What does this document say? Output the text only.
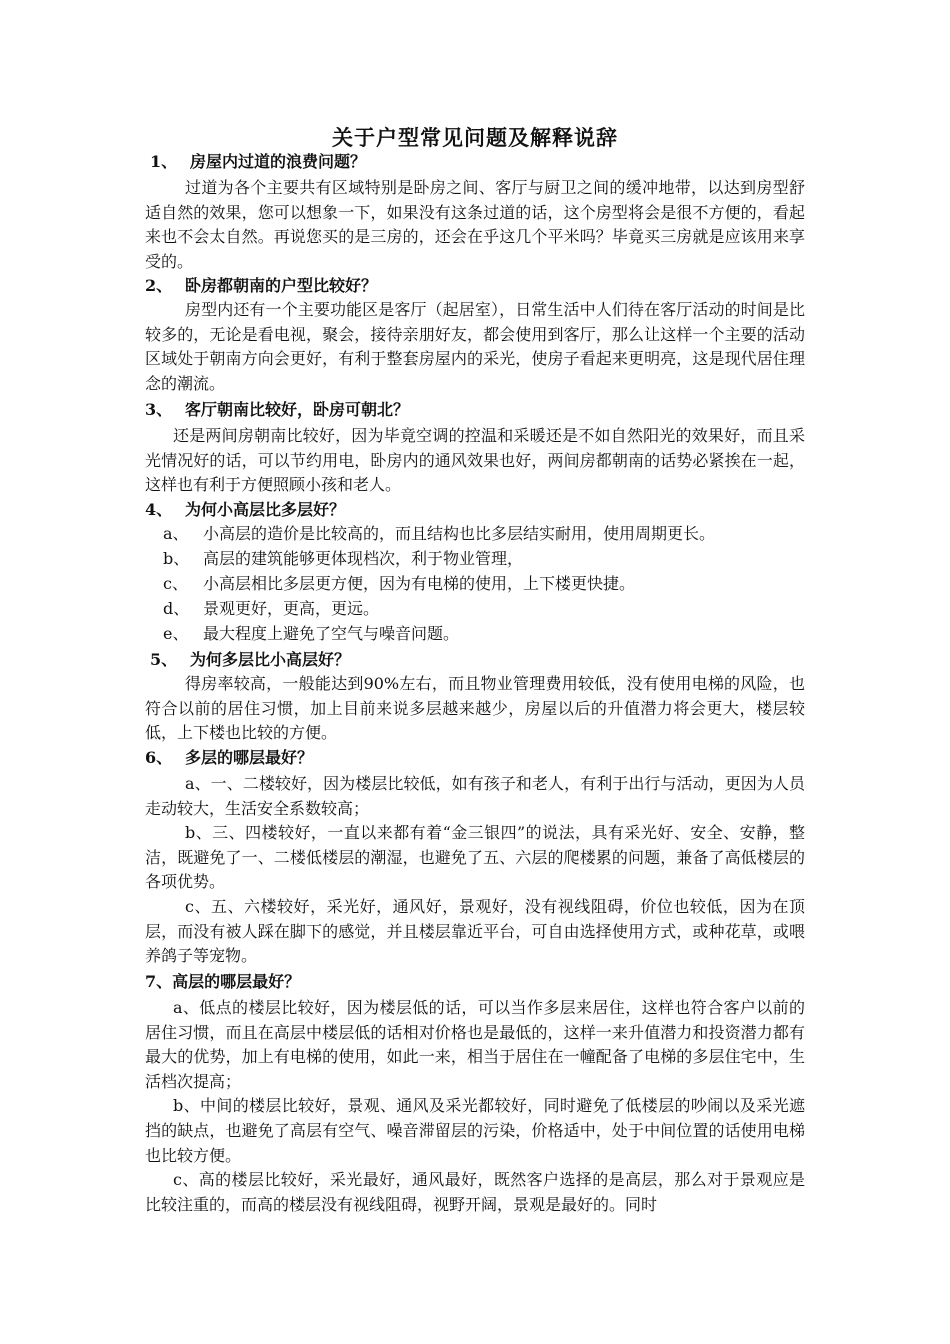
关于户型常见问题及解释说辞
1、 房屋内过道的浪费问题？

过道为各个主要共有区域特别是卧房之间、客厅与厨卫之间的缓冲地带，以达到房型舒适自然的效果，您可以想象一下，如果没有这条过道的话，这个房型将会是很不方便的，看起来也不会太自然。再说您买的是三房的，还会在乎这几个平米吗？毕竟买三房就是应该用来享受的。

2、 卧房都朝南的户型比较好？

房型内还有一个主要功能区是客厅（起居室），日常生活中人们待在客厅活动的时间是比较多的，无论是看电视，聚会，接待亲朋好友，都会使用到客厅，那么让这样一个主要的活动区域处于朝南方向会更好，有利于整套房屋内的采光，使房子看起来更明亮，这是现代居住理念的潮流。

3、 客厅朝南比较好，卧房可朝北？

还是两间房朝南比较好，因为毕竟空调的控温和采暖还是不如自然阳光的效果好，而且采光情况好的话，可以节约用电，卧房内的通风效果也好，两间房都朝南的话势必紧挨在一起，这样也有利于方便照顾小孩和老人。

4、 为何小高层比多层好？
a、 小高层的造价是比较高的，而且结构也比多层结实耐用，使用周期更长。
b、 高层的建筑能够更体现档次，利于物业管理，
c、 小高层相比多层更方便，因为有电梯的使用，上下楼更快捷。
d、 景观更好，更高，更远。
e、 最大程度上避免了空气与噪音问题。
5、 为何多层比小高层好？

得房率较高，一般能达到90%左右，而且物业管理费用较低，没有使用电梯的风险，也符合以前的居住习惯，加上目前来说多层越来越少，房屋以后的升值潜力将会更大，楼层较低，上下楼也比较的方便。

6、 多层的哪层最好？

a、一、二楼较好，因为楼层比较低，如有孩子和老人，有利于出行与活动，更因为人员走动较大，生活安全系数较高；

b、三、四楼较好，一直以来都有着“金三银四”的说法，具有采光好、安全、安静，整洁，既避免了一、二楼低楼层的潮湿，也避免了五、六层的爬楼累的问题，兼备了高低楼层的各项优势。

c、五、六楼较好，采光好，通风好，景观好，没有视线阻碍，价位也较低，因为在顶层，而没有被人踩在脚下的感觉，并且楼层靠近平台，可自由选择使用方式，或种花草，或喂养鸽子等宠物。

7、高层的哪层最好？

a、低点的楼层比较好，因为楼层低的话，可以当作多层来居住，这样也符合客户以前的居住习惯，而且在高层中楼层低的话相对价格也是最低的，这样一来升值潜力和投资潜力都有最大的优势，加上有电梯的使用，如此一来，相当于居住在一幢配备了电梯的多层住宅中，生活档次提高；

b、中间的楼层比较好，景观、通风及采光都较好，同时避免了低楼层的吵闹以及采光遮挡的缺点，也避免了高层有空气、噪音滞留层的污染，价格适中，处于中间位置的话使用电梯也比较方便。

c、高的楼层比较好，采光最好，通风最好，既然客户选择的是高层，那么对于景观应是比较注重的，而高的楼层没有视线阻碍，视野开阔，景观是最好的。同时
